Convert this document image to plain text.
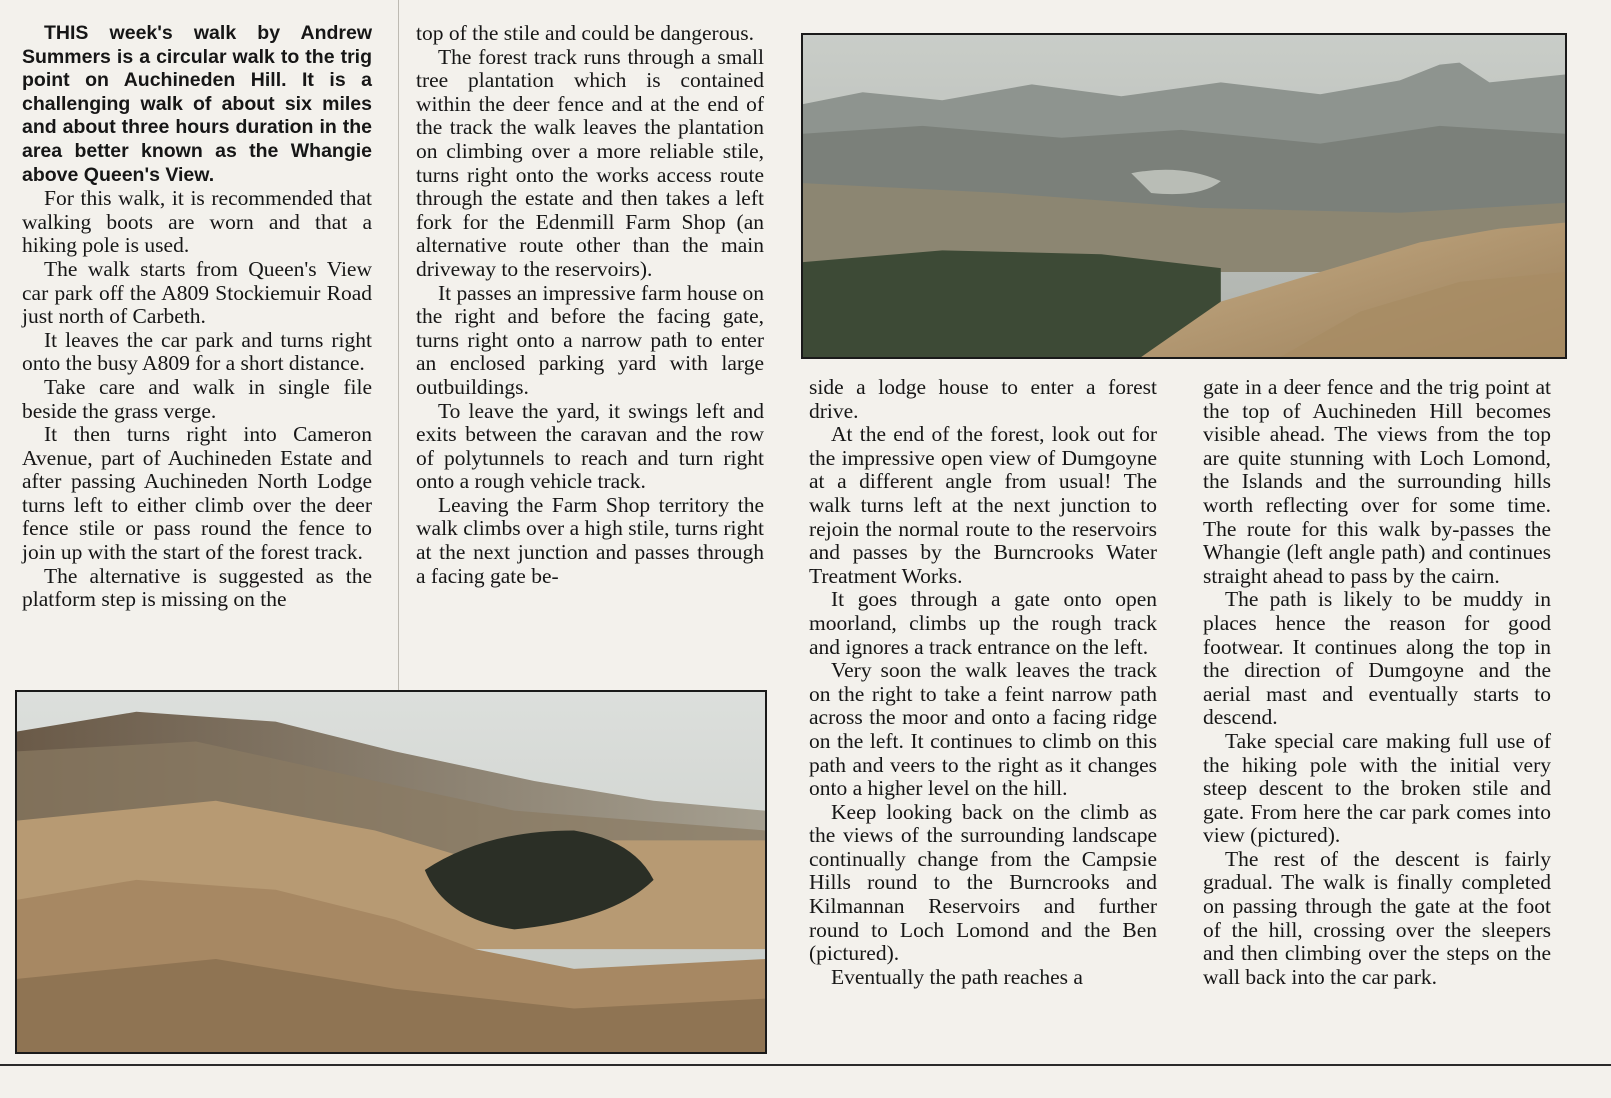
THIS week's walk by Andrew Summers is a circular walk to the trig point on Auchineden Hill. It is a challenging walk of about six miles and about three hours duration in the area better known as the Whangie above Queen's View.

For this walk, it is recommended that walking boots are worn and that a hiking pole is used.

The walk starts from Queen's View car park off the A809 Stockiemuir Road just north of Carbeth.

It leaves the car park and turns right onto the busy A809 for a short distance.

Take care and walk in single file beside the grass verge.

It then turns right into Cameron Avenue, part of Auchineden Estate and after passing Auchineden North Lodge turns left to either climb over the deer fence stile or pass round the fence to join up with the start of the forest track.

The alternative is suggested as the platform step is missing on the

top of the stile and could be dangerous.

The forest track runs through a small tree plantation which is contained within the deer fence and at the end of the track the walk leaves the plantation on climbing over a more reliable stile, turns right onto the works access route through the estate and then takes a left fork for the Edenmill Farm Shop (an alternative route other than the main driveway to the reservoirs).

It passes an impressive farm house on the right and before the facing gate, turns right onto a narrow path to enter an enclosed parking yard with large outbuildings.

To leave the yard, it swings left and exits between the caravan and the row of polytunnels to reach and turn right onto a rough vehicle track.

Leaving the Farm Shop territory the walk climbs over a high stile, turns right at the next junction and passes through a facing gate be-

side a lodge house to enter a forest drive.

At the end of the forest, look out for the impressive open view of Dumgoyne at a different angle from usual! The walk turns left at the next junction to rejoin the normal route to the reservoirs and passes by the Burncrooks Water Treatment Works.

It goes through a gate onto open moorland, climbs up the rough track and ignores a track entrance on the left.

Very soon the walk leaves the track on the right to take a feint narrow path across the moor and onto a facing ridge on the left. It continues to climb on this path and veers to the right as it changes onto a higher level on the hill.

Keep looking back on the climb as the views of the surrounding landscape continually change from the Campsie Hills round to the Burncrooks and Kilmannan Reservoirs and further round to Loch Lomond and the Ben (pictured).

Eventually the path reaches a

gate in a deer fence and the trig point at the top of Auchineden Hill becomes visible ahead. The views from the top are quite stunning with Loch Lomond, the Islands and the surrounding hills worth reflecting over for some time. The route for this walk by-passes the Whangie (left angle path) and continues straight ahead to pass by the cairn.

The path is likely to be muddy in places hence the reason for good footwear. It continues along the top in the direction of Dumgoyne and the aerial mast and eventually starts to descend.

Take special care making full use of the hiking pole with the initial very steep descent to the broken stile and gate. From here the car park comes into view (pictured).

The rest of the descent is fairly gradual. The walk is finally completed on passing through the gate at the foot of the hill, crossing over the sleepers and then climbing over the steps on the wall back into the car park.
